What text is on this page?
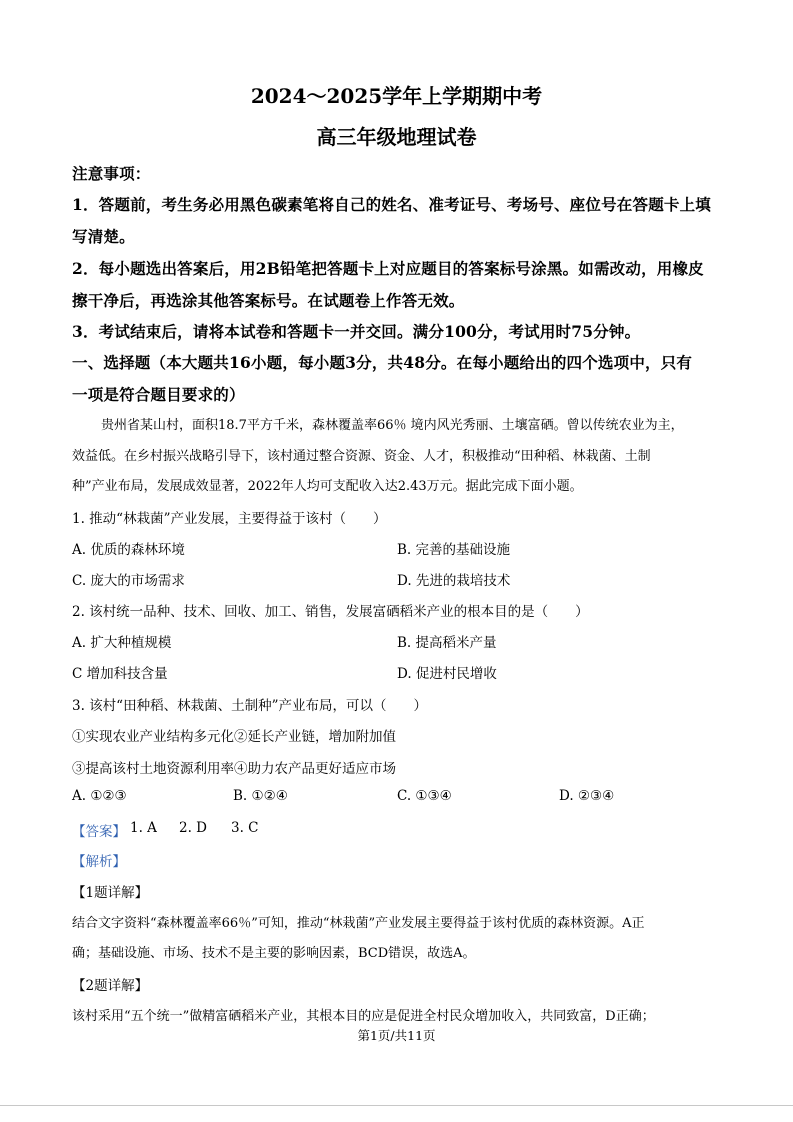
2024～2025学年上学期期中考
高三年级地理试卷
注意事项：
1．答题前，考生务必用黑色碳素笔将自己的姓名、准考证号、考场号、座位号在答题卡上填
写清楚。
2．每小题选出答案后，用2B铅笔把答题卡上对应题目的答案标号涂黑。如需改动，用橡皮
擦干净后，再选涂其他答案标号。在试题卷上作答无效。
3．考试结束后，请将本试卷和答题卡一并交回。满分100分，考试用时75分钟。
一、选择题（本大题共16小题，每小题3分，共48分。在每小题给出的四个选项中，只有
一项是符合题目要求的）
贵州省某山村，面积18.7平方千米，森林覆盖率66％ 境内风光秀丽、土壤富硒。曾以传统农业为主，
效益低。在乡村振兴战略引导下，该村通过整合资源、资金、人才，积极推动“田种稻、林栽菌、土制
种”产业布局，发展成效显著，2022年人均可支配收入达2.43万元。据此完成下面小题。
1. 推动“林栽菌”产业发展，主要得益于该村（　　）
A. 优质的森林环境	B. 完善的基础设施
C. 庞大的市场需求	D. 先进的栽培技术
2. 该村统一品种、技术、回收、加工、销售，发展富硒稻米产业的根本目的是（　　）
A. 扩大种植规模	B. 提高稻米产量
C 增加科技含量	D. 促进村民增收
3. 该村“田种稻、林栽菌、土制种”产业布局，可以（　　）
①实现农业产业结构多元化②延长产业链，增加附加值
③提高该村土地资源利用率④助力农产品更好适应市场
A. ①②③	B. ①②④	C. ①③④	D. ②③④
【答案】 1. A 2. D 3. C
【解析】
【1题详解】
结合文字资料“森林覆盖率66％”可知，推动“林栽菌”产业发展主要得益于该村优质的森林资源。A正
确；基础设施、市场、技术不是主要的影响因素，BCD错误，故选A。
【2题详解】
该村采用“五个统一”做精富硒稻米产业，其根本目的应是促进全村民众增加收入，共同致富，D正确；
第1页/共11页
